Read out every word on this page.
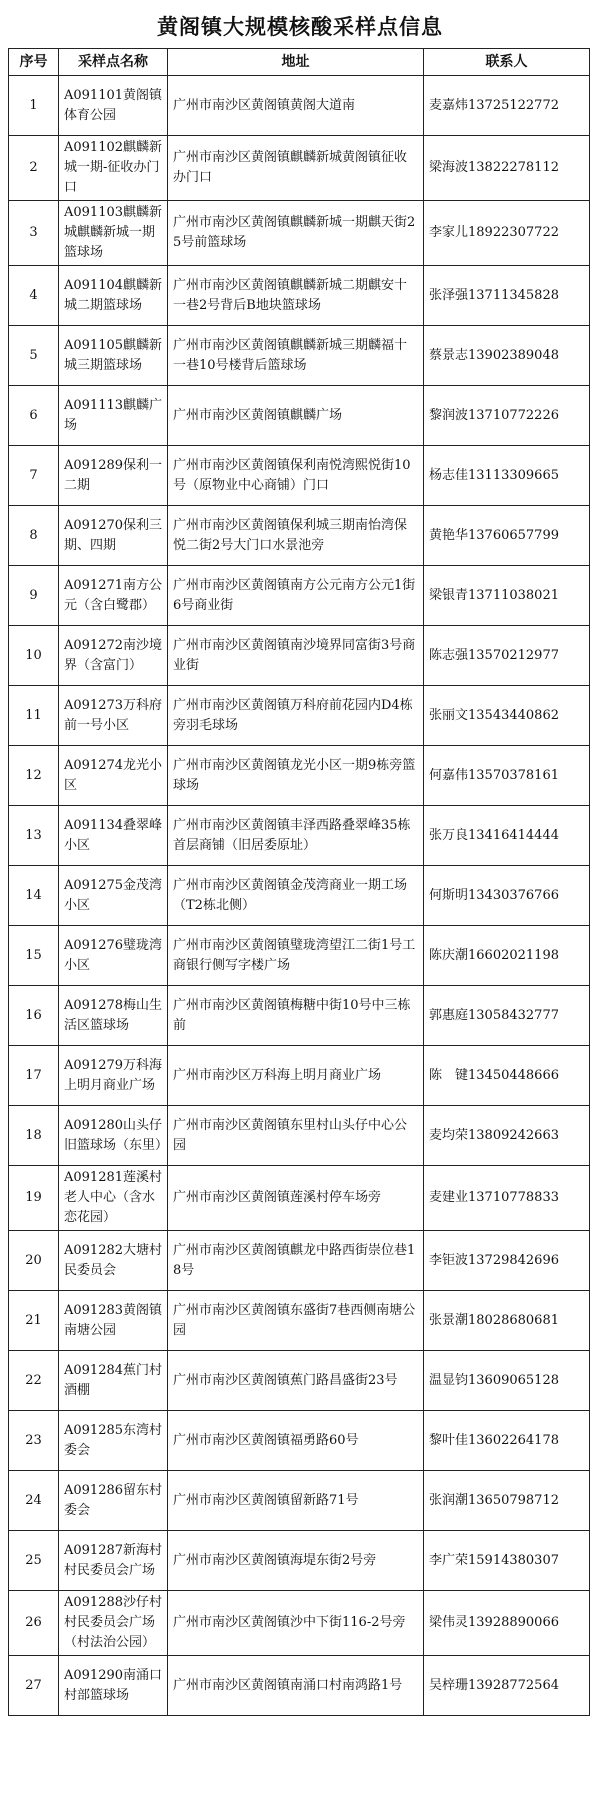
黄阁镇大规模核酸采样点信息
序号	采样点名称	地址	联系人
1	A091101黄阁镇体育公园	广州市南沙区黄阁镇黄阁大道南	麦嘉炜13725122772
2	A091102麒麟新城一期-征收办门口	广州市南沙区黄阁镇麒麟新城黄阁镇征收办门口	梁海波13822278112
3	A091103麒麟新城麒麟新城一期篮球场	广州市南沙区黄阁镇麒麟新城一期麒天街25号前篮球场	李家儿18922307722
4	A091104麒麟新城二期篮球场	广州市南沙区黄阁镇麒麟新城二期麒安十一巷2号背后B地块篮球场	张泽强13711345828
5	A091105麒麟新城三期篮球场	广州市南沙区黄阁镇麒麟新城三期麟福十一巷10号楼背后篮球场	蔡景志13902389048
6	A091113麒麟广场	广州市南沙区黄阁镇麒麟广场	黎润波13710772226
7	A091289保利一二期	广州市南沙区黄阁镇保利南悦湾熙悦街10号（原物业中心商铺）门口	杨志佳13113309665
8	A091270保利三期、四期	广州市南沙区黄阁镇保利城三期南怡湾保悦二街2号大门口水景池旁	黄艳华13760657799
9	A091271南方公元（含白鹭郡）	广州市南沙区黄阁镇南方公元南方公元1街6号商业街	梁银青13711038021
10	A091272南沙境界（含富门）	广州市南沙区黄阁镇南沙境界同富街3号商业街	陈志强13570212977
11	A091273万科府前一号小区	广州市南沙区黄阁镇万科府前花园内D4栋旁羽毛球场	张丽文13543440862
12	A091274龙光小区	广州市南沙区黄阁镇龙光小区一期9栋旁篮球场	何嘉伟13570378161
13	A091134叠翠峰小区	广州市南沙区黄阁镇丰泽西路叠翠峰35栋首层商铺（旧居委原址）	张万良13416414444
14	A091275金茂湾小区	广州市南沙区黄阁镇金茂湾商业一期工场（T2栋北侧）	何斯明13430376766
15	A091276璧珑湾小区	广州市南沙区黄阁镇璧珑湾望江二街1号工商银行侧写字楼广场	陈庆潮16602021198
16	A091278梅山生活区篮球场	广州市南沙区黄阁镇梅糖中街10号中三栋前	郭惠庭13058432777
17	A091279万科海上明月商业广场	广州市南沙区万科海上明月商业广场	陈　键13450448666
18	A091280山头仔旧篮球场（东里）	广州市南沙区黄阁镇东里村山头仔中心公园	麦均荣13809242663
19	A091281莲溪村老人中心（含水恋花园）	广州市南沙区黄阁镇莲溪村停车场旁	麦建业13710778833
20	A091282大塘村民委员会	广州市南沙区黄阁镇麒龙中路西街崇位巷18号	李钜波13729842696
21	A091283黄阁镇南塘公园	广州市南沙区黄阁镇东盛街7巷西侧南塘公园	张景潮18028680681
22	A091284蕉门村酒棚	广州市南沙区黄阁镇蕉门路昌盛街23号	温显钧13609065128
23	A091285东湾村委会	广州市南沙区黄阁镇福勇路60号	黎叶佳13602264178
24	A091286留东村委会	广州市南沙区黄阁镇留新路71号	张润潮13650798712
25	A091287新海村村民委员会广场	广州市南沙区黄阁镇海堤东街2号旁	李广荣15914380307
26	A091288沙仔村村民委员会广场（村法治公园）	广州市南沙区黄阁镇沙中下街116-2号旁	梁伟灵13928890066
27	A091290南涌口村部篮球场	广州市南沙区黄阁镇南涌口村南鸿路1号	吴梓珊13928772564
